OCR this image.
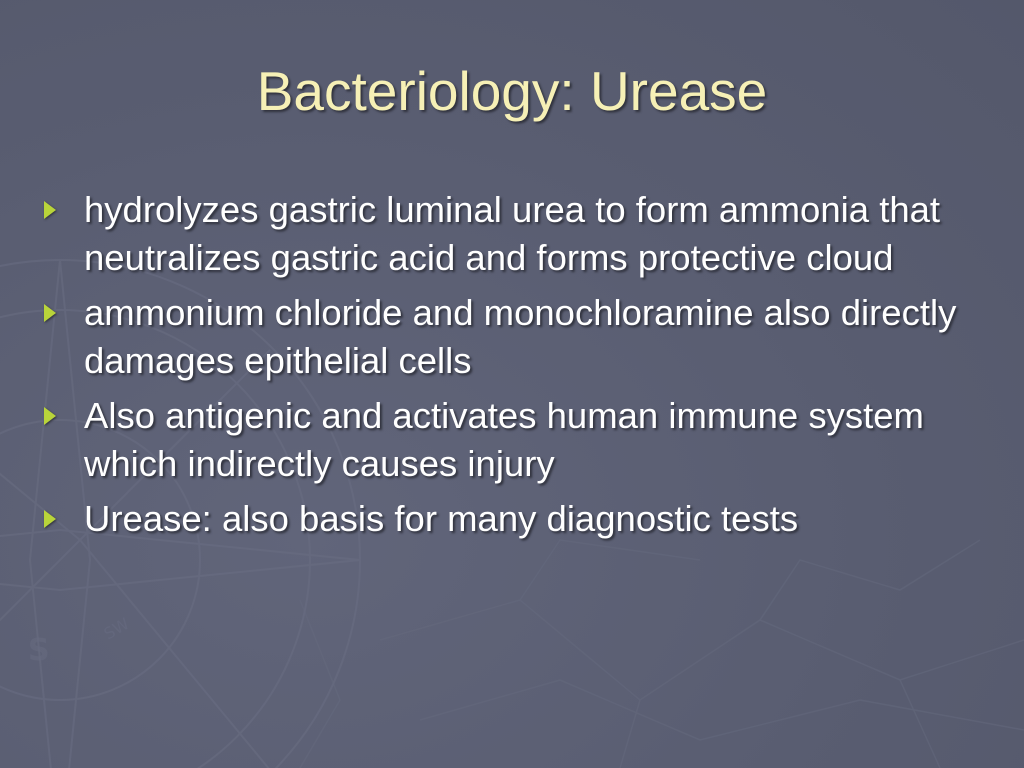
S
SW
Bacteriology: Urease
hydrolyzes gastric luminal urea to form ammonia that neutralizes gastric acid and forms protective cloud
ammonium chloride and monochloramine also directly damages epithelial cells
Also antigenic and activates human immune system which indirectly causes injury
Urease: also basis for many diagnostic tests
